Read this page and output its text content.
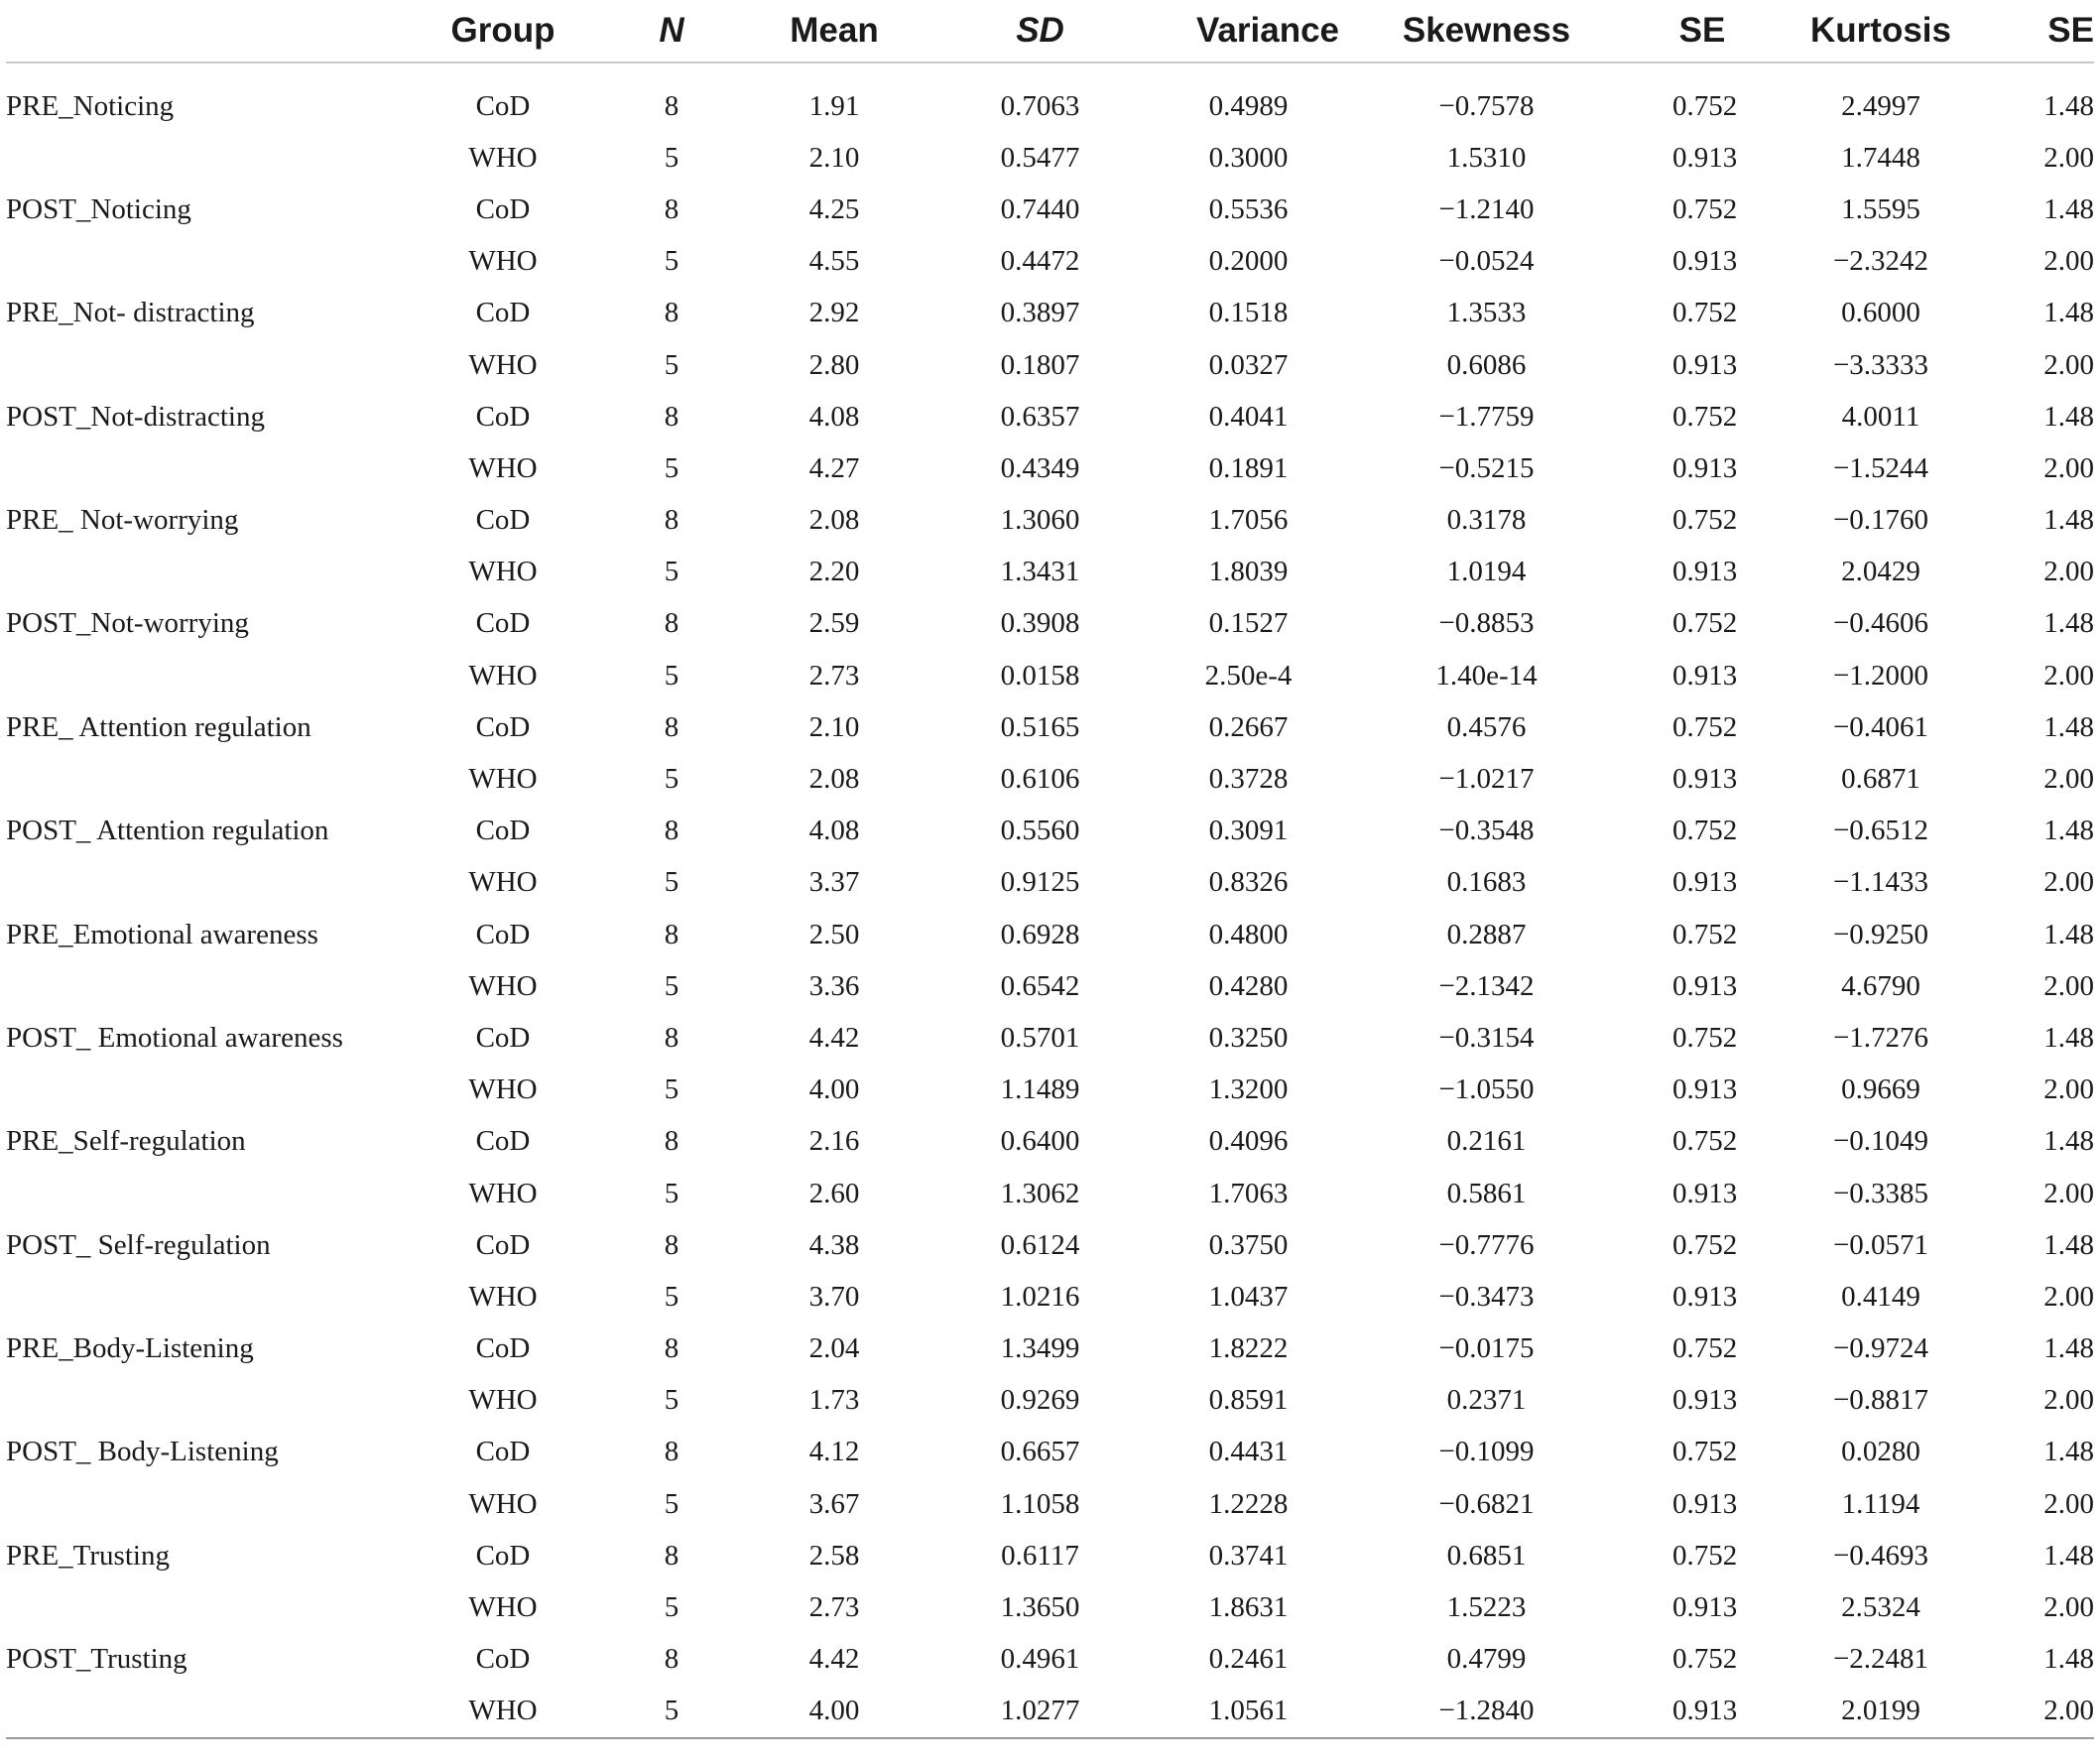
	Group	N	Mean	SD	Variance	Skewness	SE	Kurtosis	SE
PRE_Noticing	CoD	8	1.91	0.7063	0.4989	−0.7578	0.752	2.4997	1.48
	WHO	5	2.10	0.5477	0.3000	1.5310	0.913	1.7448	2.00
POST_Noticing	CoD	8	4.25	0.7440	0.5536	−1.2140	0.752	1.5595	1.48
	WHO	5	4.55	0.4472	0.2000	−0.0524	0.913	−2.3242	2.00
PRE_Not- distracting	CoD	8	2.92	0.3897	0.1518	1.3533	0.752	0.6000	1.48
	WHO	5	2.80	0.1807	0.0327	0.6086	0.913	−3.3333	2.00
POST_Not-distracting	CoD	8	4.08	0.6357	0.4041	−1.7759	0.752	4.0011	1.48
	WHO	5	4.27	0.4349	0.1891	−0.5215	0.913	−1.5244	2.00
PRE_ Not-worrying	CoD	8	2.08	1.3060	1.7056	0.3178	0.752	−0.1760	1.48
	WHO	5	2.20	1.3431	1.8039	1.0194	0.913	2.0429	2.00
POST_Not-worrying	CoD	8	2.59	0.3908	0.1527	−0.8853	0.752	−0.4606	1.48
	WHO	5	2.73	0.0158	2.50e-4	1.40e-14	0.913	−1.2000	2.00
PRE_ Attention regulation	CoD	8	2.10	0.5165	0.2667	0.4576	0.752	−0.4061	1.48
	WHO	5	2.08	0.6106	0.3728	−1.0217	0.913	0.6871	2.00
POST_ Attention regulation	CoD	8	4.08	0.5560	0.3091	−0.3548	0.752	−0.6512	1.48
	WHO	5	3.37	0.9125	0.8326	0.1683	0.913	−1.1433	2.00
PRE_Emotional awareness	CoD	8	2.50	0.6928	0.4800	0.2887	0.752	−0.9250	1.48
	WHO	5	3.36	0.6542	0.4280	−2.1342	0.913	4.6790	2.00
POST_ Emotional awareness	CoD	8	4.42	0.5701	0.3250	−0.3154	0.752	−1.7276	1.48
	WHO	5	4.00	1.1489	1.3200	−1.0550	0.913	0.9669	2.00
PRE_Self-regulation	CoD	8	2.16	0.6400	0.4096	0.2161	0.752	−0.1049	1.48
	WHO	5	2.60	1.3062	1.7063	0.5861	0.913	−0.3385	2.00
POST_ Self-regulation	CoD	8	4.38	0.6124	0.3750	−0.7776	0.752	−0.0571	1.48
	WHO	5	3.70	1.0216	1.0437	−0.3473	0.913	0.4149	2.00
PRE_Body-Listening	CoD	8	2.04	1.3499	1.8222	−0.0175	0.752	−0.9724	1.48
	WHO	5	1.73	0.9269	0.8591	0.2371	0.913	−0.8817	2.00
POST_ Body-Listening	CoD	8	4.12	0.6657	0.4431	−0.1099	0.752	0.0280	1.48
	WHO	5	3.67	1.1058	1.2228	−0.6821	0.913	1.1194	2.00
PRE_Trusting	CoD	8	2.58	0.6117	0.3741	0.6851	0.752	−0.4693	1.48
	WHO	5	2.73	1.3650	1.8631	1.5223	0.913	2.5324	2.00
POST_Trusting	CoD	8	4.42	0.4961	0.2461	0.4799	0.752	−2.2481	1.48
	WHO	5	4.00	1.0277	1.0561	−1.2840	0.913	2.0199	2.00
